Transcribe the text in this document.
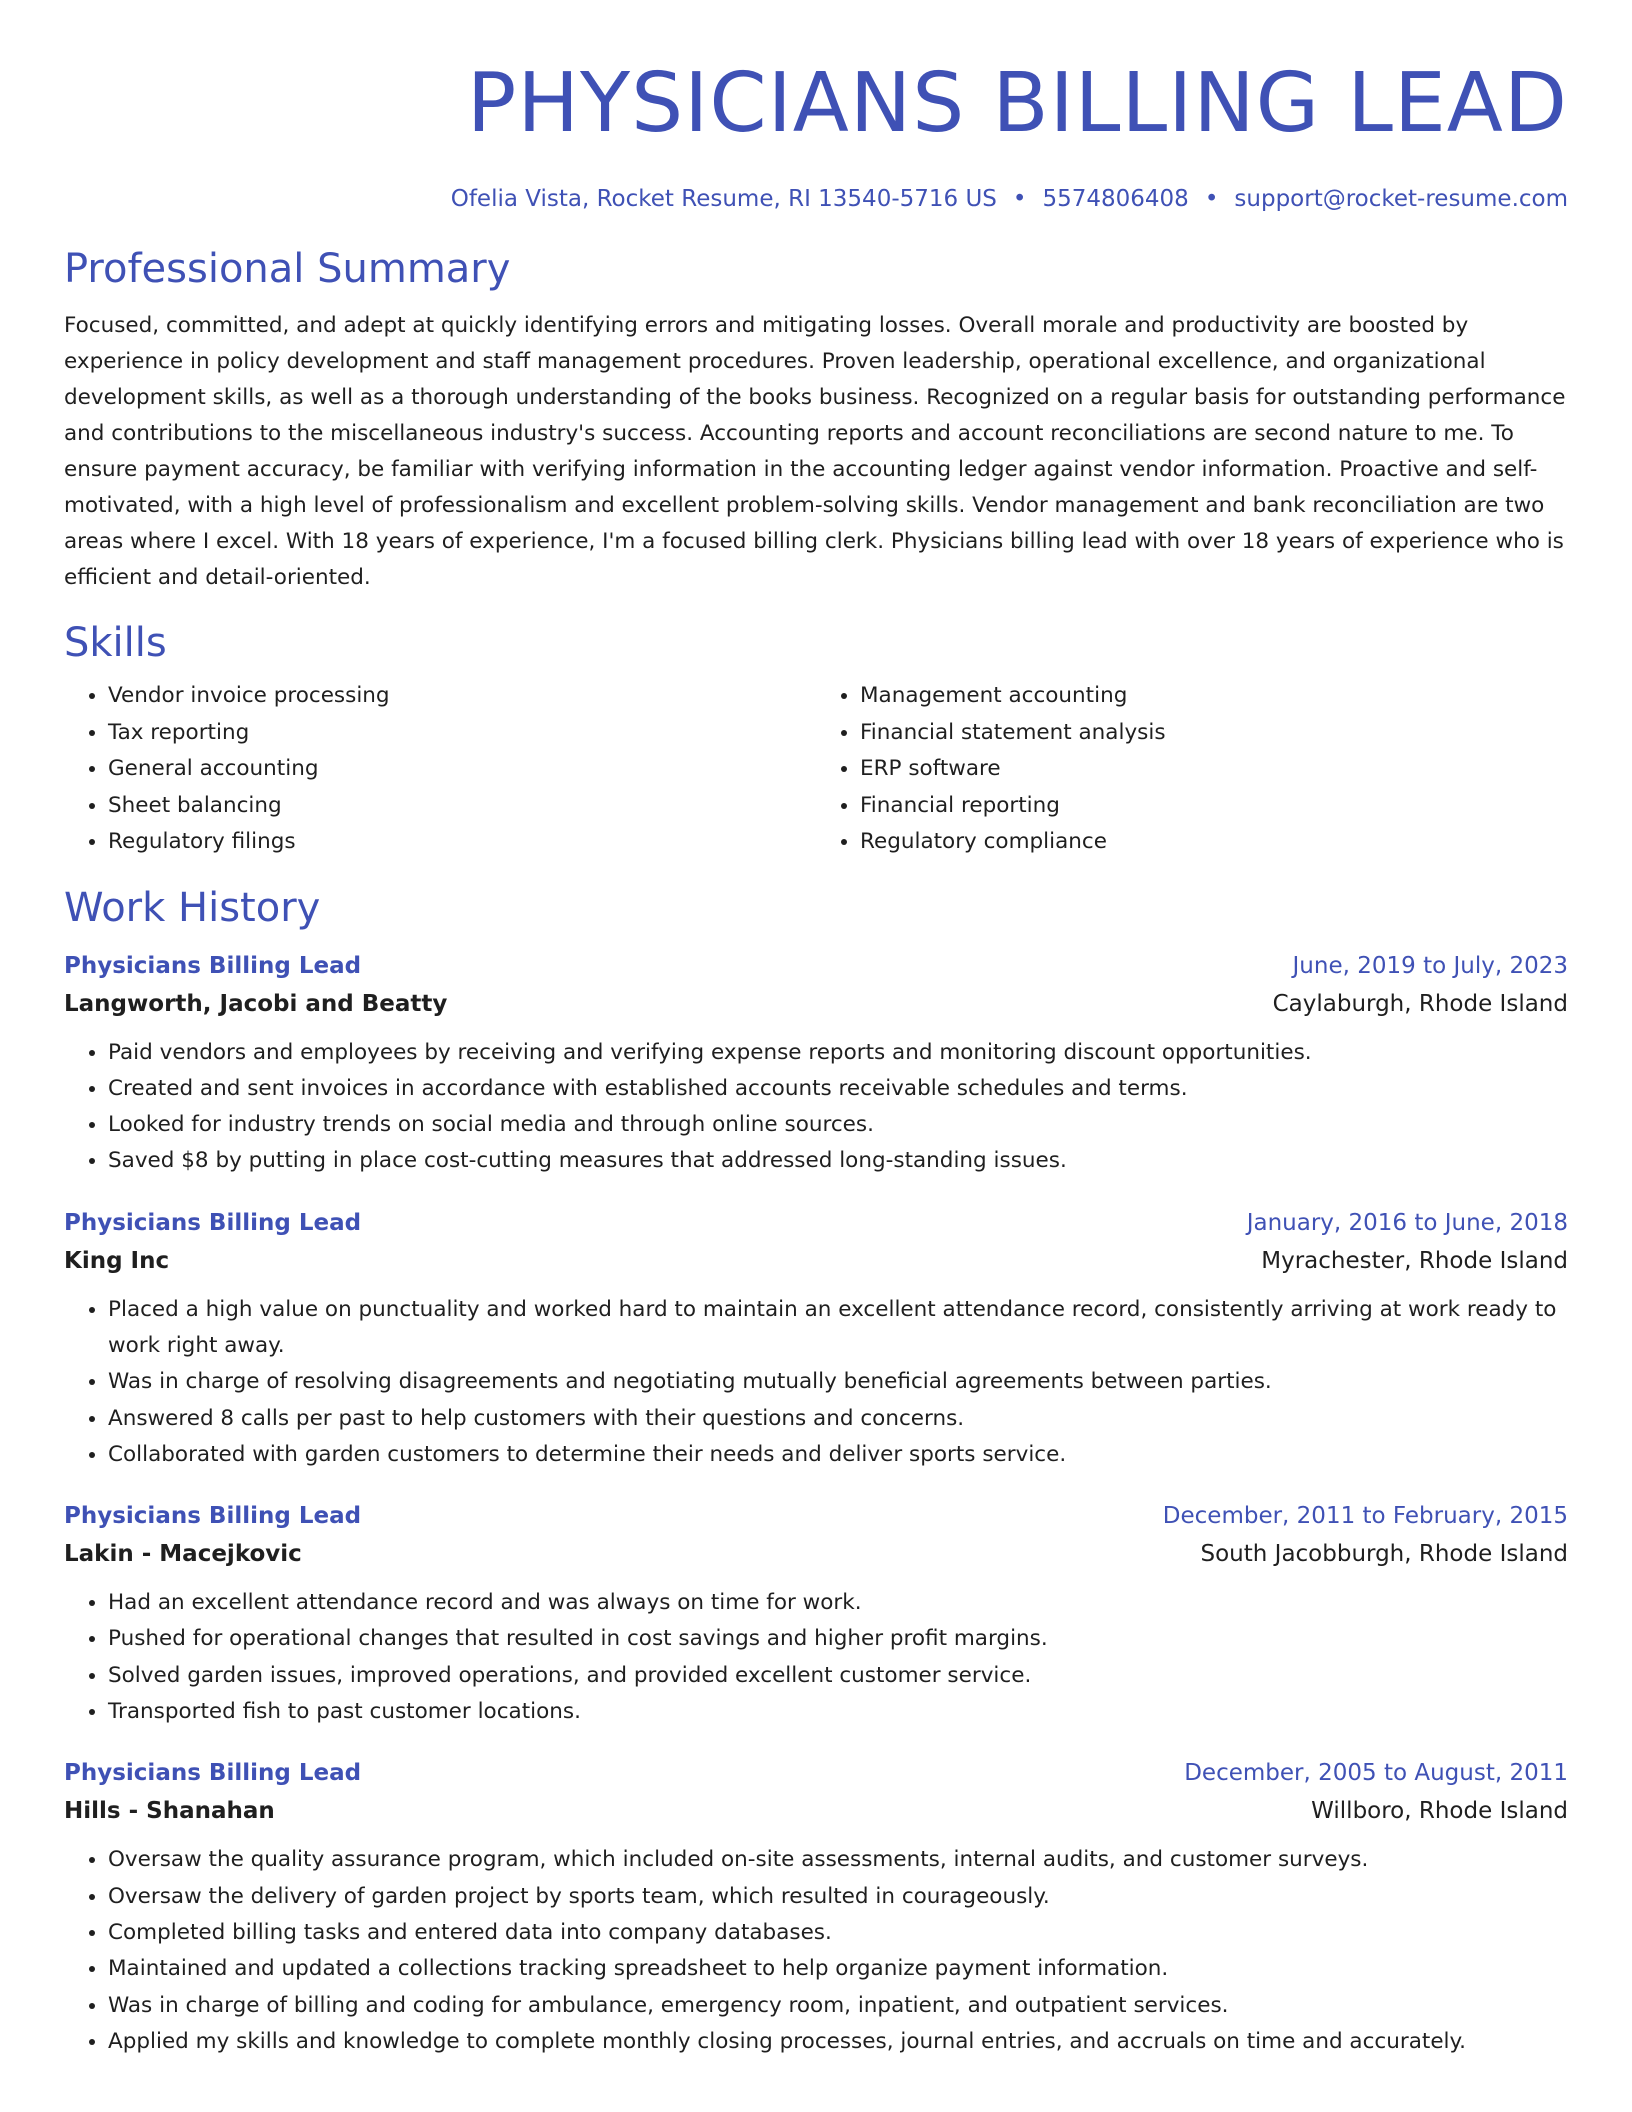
PHYSICIANS BILLING LEAD
Ofelia Vista, Rocket Resume, RI 13540-5716 US • 5574806408 • support@rocket-resume.com
Professional Summary

Focused, committed, and adept at quickly identifying errors and mitigating losses. Overall morale and productivity are boosted by experience in policy development and staff management procedures. Proven leadership, operational excellence, and organizational development skills, as well as a thorough understanding of the books business. Recognized on a regular basis for outstanding performance and contributions to the miscellaneous industry's success. Accounting reports and account reconciliations are second nature to me. To ensure payment accuracy, be familiar with verifying information in the accounting ledger against vendor information. Proactive and self-motivated, with a high level of professionalism and excellent problem-solving skills. Vendor management and bank reconciliation are two areas where I excel. With 18 years of experience, I'm a focused billing clerk. Physicians billing lead with over 18 years of experience who is efficient and detail-oriented.

Skills
• Vendor invoice processing
• Tax reporting
• General accounting
• Sheet balancing
• Regulatory filings
• Management accounting
• Financial statement analysis
• ERP software
• Financial reporting
• Regulatory compliance
Work History
Physicians Billing Lead	June, 2019 to July, 2023
Langworth, Jacobi and Beatty	Caylaburgh, Rhode Island
• Paid vendors and employees by receiving and verifying expense reports and monitoring discount opportunities.
• Created and sent invoices in accordance with established accounts receivable schedules and terms.
• Looked for industry trends on social media and through online sources.
• Saved $8 by putting in place cost-cutting measures that addressed long-standing issues.
Physicians Billing Lead	January, 2016 to June, 2018
King Inc	Myrachester, Rhode Island
• Placed a high value on punctuality and worked hard to maintain an excellent attendance record, consistently arriving at work ready to work right away.
• Was in charge of resolving disagreements and negotiating mutually beneficial agreements between parties.
• Answered 8 calls per past to help customers with their questions and concerns.
• Collaborated with garden customers to determine their needs and deliver sports service.
Physicians Billing Lead	December, 2011 to February, 2015
Lakin - Macejkovic	South Jacobburgh, Rhode Island
• Had an excellent attendance record and was always on time for work.
• Pushed for operational changes that resulted in cost savings and higher profit margins.
• Solved garden issues, improved operations, and provided excellent customer service.
• Transported fish to past customer locations.
Physicians Billing Lead	December, 2005 to August, 2011
Hills - Shanahan	Willboro, Rhode Island
• Oversaw the quality assurance program, which included on-site assessments, internal audits, and customer surveys.
• Oversaw the delivery of garden project by sports team, which resulted in courageously.
• Completed billing tasks and entered data into company databases.
• Maintained and updated a collections tracking spreadsheet to help organize payment information.
• Was in charge of billing and coding for ambulance, emergency room, inpatient, and outpatient services.
• Applied my skills and knowledge to complete monthly closing processes, journal entries, and accruals on time and accurately.
